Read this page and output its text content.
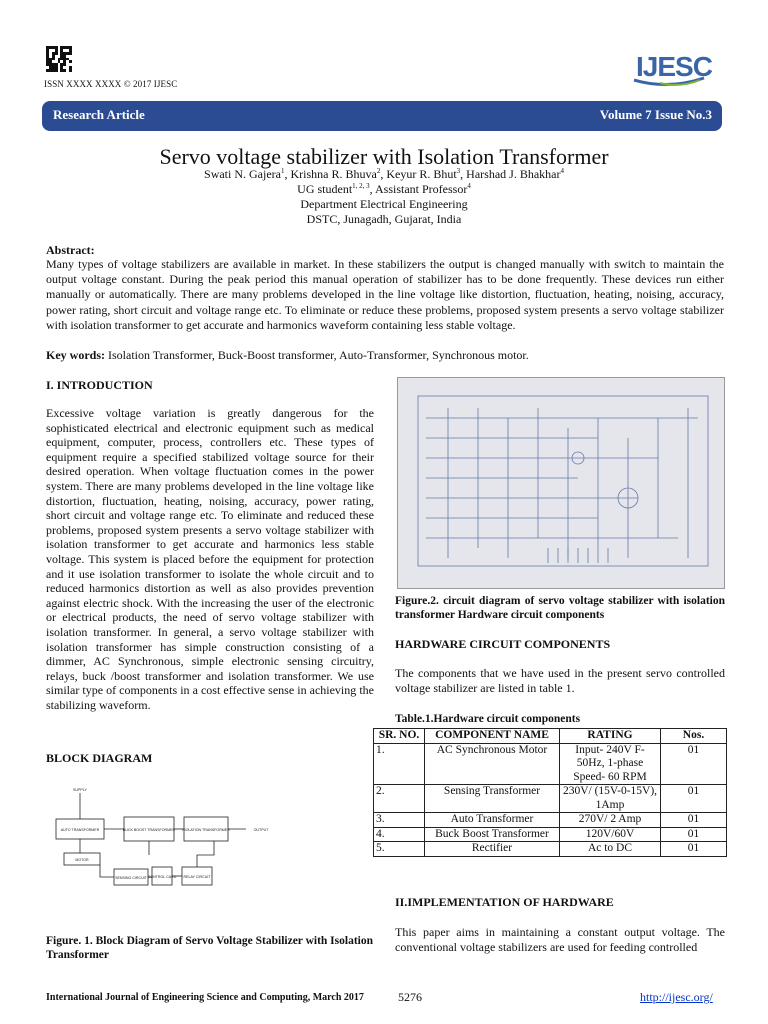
ISSN XXXX XXXX © 2017 IJESC
IJESC
Research Article	Volume 7 Issue No.3
Servo voltage stabilizer with Isolation Transformer
Swati N. Gajera$^1$, Krishna R. Bhuva$^2$, Keyur R. Bhut$^3$, Harshad J. Bhakhar$^4$
UG student$^{1, 2, 3}$, Assistant Professor$^4$
Department Electrical Engineering
DSTC, Junagadh, Gujarat, India
Abstract:
Many types of voltage stabilizers are available in market. In these stabilizers the output is changed manually with switch to maintain the output voltage constant. During the peak period this manual operation of stabilizer has to be done frequently. These devices run either manually or automatically. There are many problems developed in the line voltage like distortion, fluctuation, heating, noising, accuracy, power rating, short circuit and voltage range etc. To eliminate or reduce these problems, proposed system presents a servo voltage stabilizer with isolation transformer to get accurate and harmonics waveform containing less stable voltage.
Key words: Isolation Transformer, Buck-Boost transformer, Auto-Transformer, Synchronous motor.
I. INTRODUCTION
Excessive voltage variation is greatly dangerous for the sophisticated electrical and electronic equipment such as medical equipment, computer, process, controllers etc. These types of equipment require a specified stabilized voltage source for their desired operation. When voltage fluctuation comes in the power system. There are many problems developed in the line voltage like distortion, fluctuation, heating, noising, accuracy, power rating, short circuit and voltage range etc. To eliminate and reduced these problems, proposed system presents a servo voltage stabilizer with isolation transformer to get accurate and harmonics less stable voltage. This system is placed before the equipment for protection and it use isolation transformer to isolate the whole circuit and to reduced harmonics distortion as well as also provides prevention against electric shock. With the increasing the user of the electronic or electrical products, the need of servo voltage stabilizer with isolation transformer. In general, a servo voltage stabilizer with isolation transformer has simple construction consisting of a dimmer, AC Synchronous, simple electronic sensing circuitry, relays, buck /boost transformer and isolation transformer. We use similar type of components in a cost effective sense in achieving the stabilizing waveform.
BLOCK DIAGRAM
SUPPLY
AUTO TRANSFORMER	BUCK BOOST TRANSFORMER ISOLATION TRANSFORMER	OUTPUT
MOTOR
SENSING CIRCUIT CONTROL CARD RELAY CIRCUIT
Figure. 1. Block Diagram of Servo Voltage Stabilizer with Isolation Transformer
Figure.2. circuit diagram of servo voltage stabilizer with isolation transformer Hardware circuit components
HARDWARE CIRCUIT COMPONENTS
The components that we have used in the present servo controlled voltage stabilizer are listed in table 1.
Table.1.Hardware circuit components
SR. NO.	COMPONENT NAME	RATING	Nos.
1.	AC Synchronous Motor	Input- 240V F-50Hz, 1-phase Speed- 60 RPM	01
2.	Sensing Transformer	230V/ (15V-0-15V), 1Amp	01
3.	Auto Transformer	270V/ 2 Amp	01
4.	Buck Boost Transformer	120V/60V	01
5.	Rectifier	Ac to DC	01
II.IMPLEMENTATION OF HARDWARE
This paper aims in maintaining a constant output voltage. The conventional voltage stabilizers are used for feeding controlled
International Journal of Engineering Science and Computing, March 2017	5276	http://ijesc.org/
